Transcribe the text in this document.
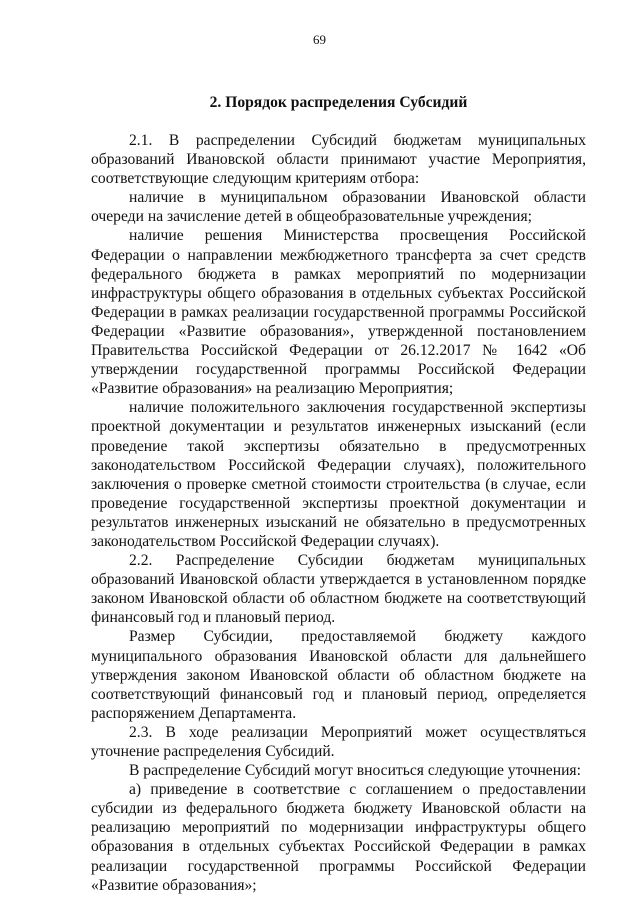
69

2. Порядок распределения Субсидий

2.1. В распределении Субсидий бюджетам муниципальных образований Ивановской области принимают участие Мероприятия, соответствующие следующим критериям отбора:

наличие в муниципальном образовании Ивановской области очереди на зачисление детей в общеобразовательные учреждения;

наличие решения Министерства просвещения Российской Федерации о направлении межбюджетного трансферта за счет средств федерального бюджета в рамках мероприятий по модернизации инфраструктуры общего образования в отдельных субъектах Российской Федерации в рамках реализации государственной программы Российской Федерации «Развитие образования», утвержденной постановлением Правительства Российской Федерации от 26.12.2017 № 1642 «Об утверждении государственной программы Российской Федерации «Развитие образования» на реализацию Мероприятия;

наличие положительного заключения государственной экспертизы проектной документации и результатов инженерных изысканий (если проведение такой экспертизы обязательно в предусмотренных законодательством Российской Федерации случаях), положительного заключения о проверке сметной стоимости строительства (в случае, если проведение государственной экспертизы проектной документации и результатов инженерных изысканий не обязательно в предусмотренных законодательством Российской Федерации случаях).

2.2. Распределение Субсидии бюджетам муниципальных образований Ивановской области утверждается в установленном порядке законом Ивановской области об областном бюджете на соответствующий финансовый год и плановый период.

Размер Субсидии, предоставляемой бюджету каждого муниципального образования Ивановской области для дальнейшего утверждения законом Ивановской области об областном бюджете на соответствующий финансовый год и плановый период, определяется распоряжением Департамента.

2.3. В ходе реализации Мероприятий может осуществляться уточнение распределения Субсидий.

В распределение Субсидий могут вноситься следующие уточнения:

а) приведение в соответствие с соглашением о предоставлении субсидии из федерального бюджета бюджету Ивановской области на реализацию мероприятий по модернизации инфраструктуры общего образования в отдельных субъектах Российской Федерации в рамках реализации государственной программы Российской Федерации «Развитие образования»;
